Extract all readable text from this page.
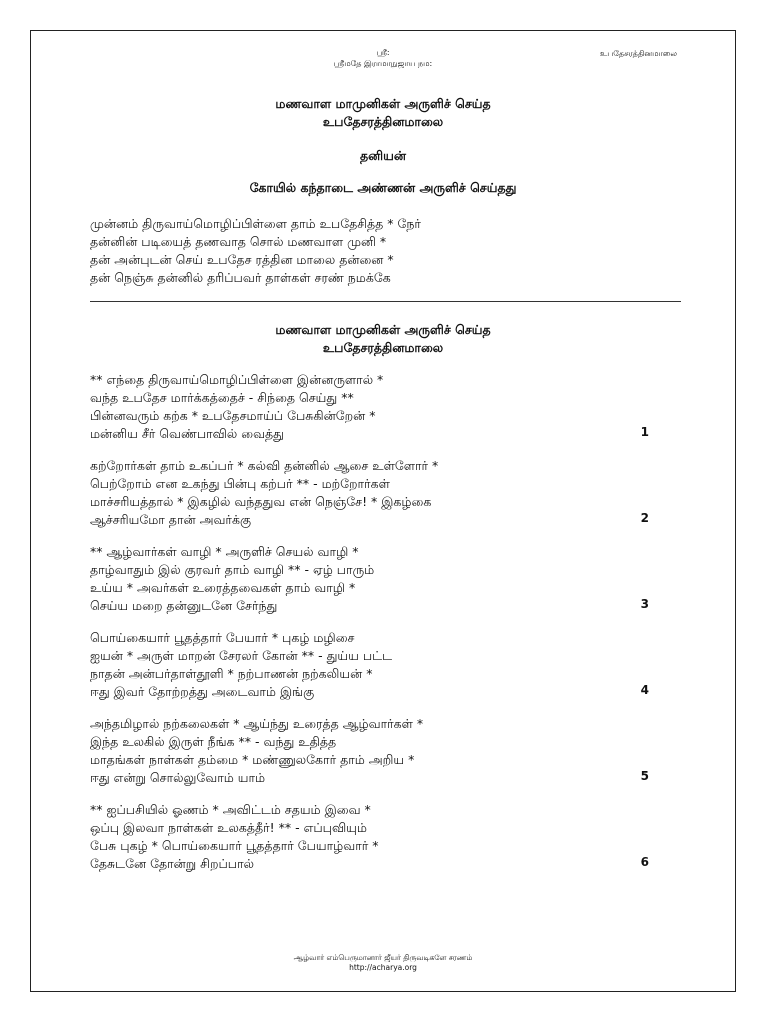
ஸ்ரீ:
ஸ்ரீமதே இராமாநுஜாய நம:
உபதேசரத்தினமாலை
மணவாள மாமுனிகள் அருளிச் செய்த
உபதேசரத்தினமாலை
தனியன்
கோயில் கந்தாடை அண்ணன் அருளிச் செய்தது
முன்னம் திருவாய்மொழிப்பிள்ளை தாம் உபதேசித்த * நேர்
தன்னின் படியைத் தணவாத சொல் மணவாள முனி *
தன் அன்புடன் செய் உபதேச ரத்தின மாலை தன்னை *
தன் நெஞ்சு தன்னில் தரிப்பவர் தாள்கள் சரண் நமக்கே
மணவாள மாமுனிகள் அருளிச் செய்த
உபதேசரத்தினமாலை
** எந்தை திருவாய்மொழிப்பிள்ளை இன்னருளால் *
வந்த உபதேச மார்க்கத்தைச் - சிந்தை செய்து **
பின்னவரும் கற்க * உபதேசமாய்ப் பேசுகின்றேன் *
மன்னிய சீர் வெண்பாவில் வைத்து	1
கற்றோர்கள் தாம் உகப்பர் * கல்வி தன்னில் ஆசை உள்ளோர் *
பெற்றோம் என உகந்து பின்பு கற்பர் ** - மற்றோர்கள்
மாச்சரியத்தால் * இகழில் வந்ததுவ என் நெஞ்சே! * இகழ்கை
ஆச்சரியமோ தான் அவர்க்கு	2
** ஆழ்வார்கள் வாழி * அருளிச் செயல் வாழி *
தாழ்வாதும் இல் குரவர் தாம் வாழி ** - ஏழ் பாரும்
உய்ய * அவர்கள் உரைத்தவைகள் தாம் வாழி *
செய்ய மறை தன்னுடனே சேர்ந்து	3
பொய்கையார் பூதத்தார் பேயார் * புகழ் மழிசை
ஐயன் * அருள் மாறன் சேரலர் கோன் ** - துய்ய பட்ட
நாதன் அன்பர்தாள்தூளி * நற்பாணன் நற்கலியன் *
ஈது இவர் தோற்றத்து அடைவாம் இங்கு	4
அந்தமிழால் நற்கலைகள் * ஆய்ந்து உரைத்த ஆழ்வார்கள் *
இந்த உலகில் இருள் நீங்க ** - வந்து உதித்த
மாதங்கள் நாள்கள் தம்மை * மண்ணுலகோர் தாம் அறிய *
ஈது என்று சொல்லுவோம் யாம்	5
** ஐப்பசியில் ஓணம் * அவிட்டம் சதயம் இவை *
ஒப்பு இலவா நாள்கள் உலகத்தீர்! ** - எப்புவியும்
பேசு புகழ் * பொய்கையார் பூதத்தார் பேயாழ்வார் *
தேசுடனே தோன்று சிறப்பால்	6
ஆழ்வார் எம்பெருமானார் ஜீயர் திருவடிகளே சரணம்
http://acharya.org
